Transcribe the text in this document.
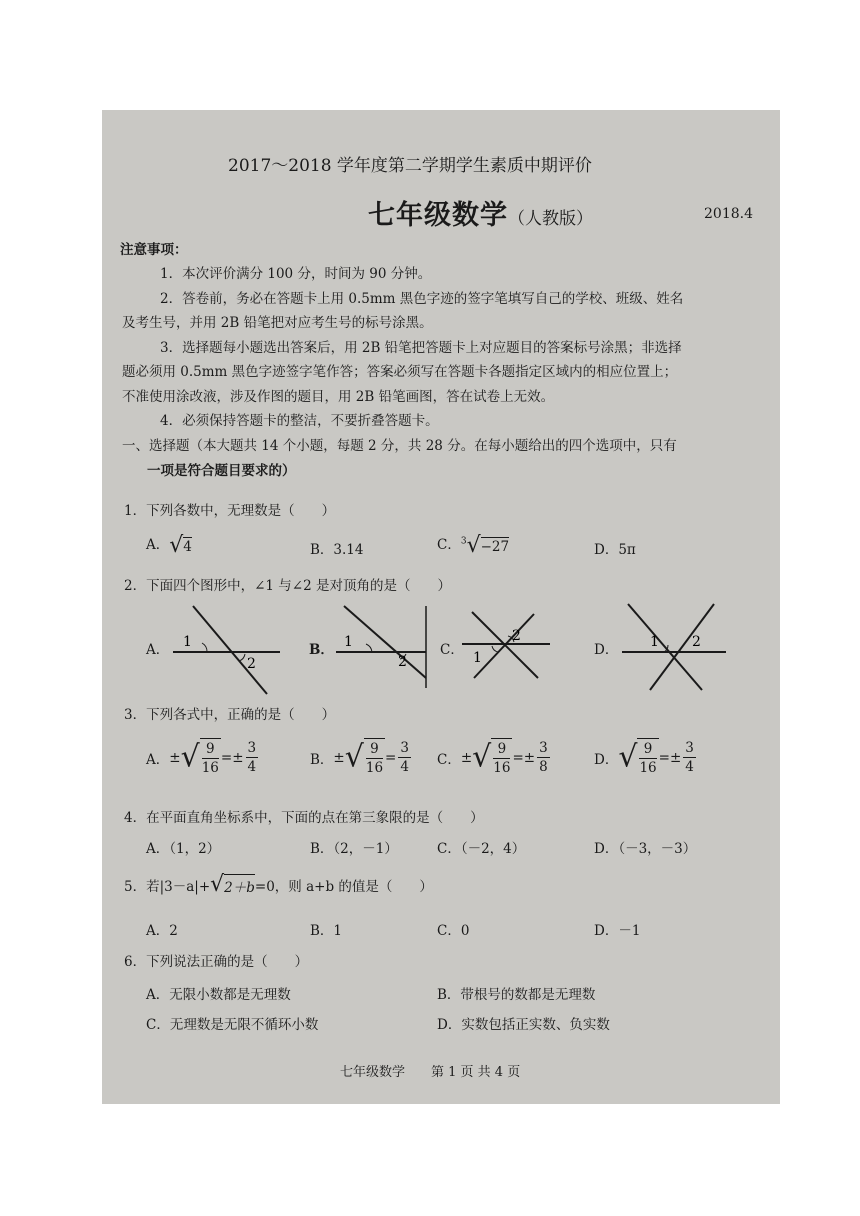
2017～2018 学年度第二学期学生素质中期评价
七年级数学（人教版）	2018.4
注意事项：
1．本次评价满分 100 分，时间为 90 分钟。
2．答卷前，务必在答题卡上用 0.5mm 黑色字迹的签字笔填写自己的学校、班级、姓名
及考生号，并用 2B 铅笔把对应考生号的标号涂黑。
3．选择题每小题选出答案后，用 2B 铅笔把答题卡上对应题目的答案标号涂黑；非选择
题必须用 0.5mm 黑色字迹签字笔作答；答案必须写在答题卡各题指定区域内的相应位置上；
不准使用涂改液，涉及作图的题目，用 2B 铅笔画图，答在试卷上无效。
4．必须保持答题卡的整洁，不要折叠答题卡。
一、选择题（本大题共 14 个小题，每题 2 分，共 28 分。在每小题给出的四个选项中，只有
一项是符合题目要求的）
1．下列各数中，无理数是（　　）
A．√4	B．3.14	C．$^3$√−27	D．5π
2．下面四个图形中，∠1 与∠2 是对顶角的是（　　）
A． 1
2
B． 1
2
C．
2
1	D． 1 2
3．下列各式中，正确的是（　　）
A．±√ $\frac{9}{16} =\pm \frac{3}{4}$	B．±√ $\frac{9}{16} = \frac{3}{4}$ C．±√ $\frac{9}{16} =\pm \frac{3}{8}$	D．√ $\frac{9}{16} =\pm \frac{3}{4}$
4．在平面直角坐标系中，下面的点在第三象限的是（　　）
A．（1，2）	B．（2，－1）	C．（－2，4）	D．（－3，－3）
5．若|3－a|+√2＋b=0，则 a+b 的值是（　　）
A．2	B．1	C．0	D．－1
6．下列说法正确的是（　　）
A．无限小数都是无理数	B．带根号的数都是无理数
C．无理数是无限不循环小数	D．实数包括正实数、负实数
七年级数学　　第 1 页 共 4 页
